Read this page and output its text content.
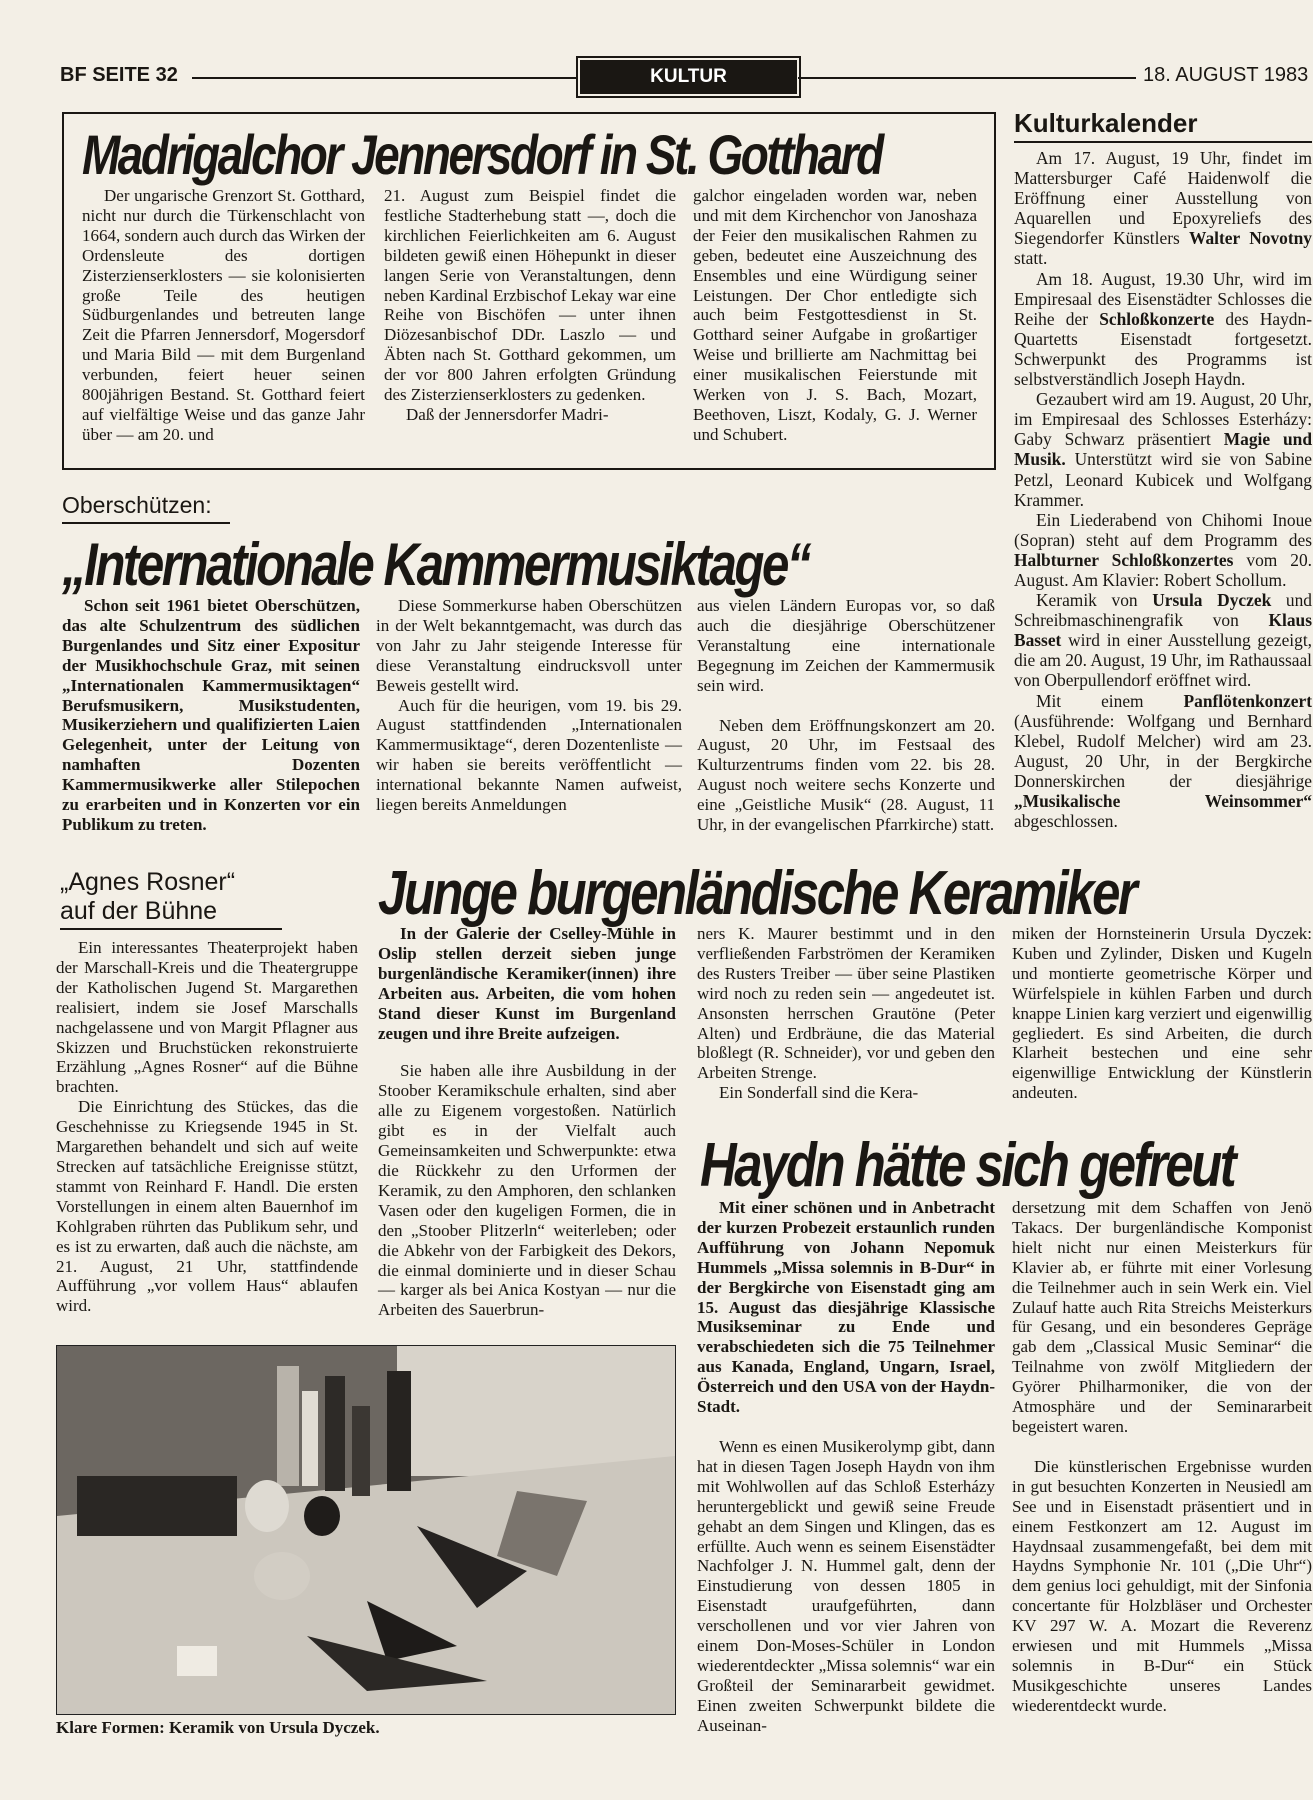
BF SEITE 32	KULTUR	18. AUGUST 1983
Madrigalchor Jennersdorf in St. Gotthard

Der ungarische Grenzort St. Gotthard, nicht nur durch die Türkenschlacht von 1664, sondern auch durch das Wirken der Ordensleute des dortigen Zisterzienserklosters — sie kolonisierten große Teile des heutigen Südburgenlandes und betreuten lange Zeit die Pfarren Jennersdorf, Mogersdorf und Maria Bild — mit dem Burgenland verbunden, feiert heuer seinen 800jährigen Bestand. St. Gotthard feiert auf vielfältige Weise und das ganze Jahr über — am 20. und

21. August zum Beispiel findet die festliche Stadterhebung statt —, doch die kirchlichen Feierlichkeiten am 6. August bildeten gewiß einen Höhepunkt in dieser langen Serie von Veranstaltungen, denn neben Kardinal Erzbischof Lekay war eine Reihe von Bischöfen — unter ihnen Diözesanbischof DDr. Laszlo — und Äbten nach St. Gotthard gekommen, um der vor 800 Jahren erfolgten Gründung des Zisterzienserklosters zu gedenken.

Daß der Jennersdorfer Madri-

galchor eingeladen worden war, neben und mit dem Kirchenchor von Janoshaza der Feier den musikalischen Rahmen zu geben, bedeutet eine Auszeichnung des Ensembles und eine Würdigung seiner Leistungen. Der Chor entledigte sich auch beim Festgottesdienst in St. Gotthard seiner Aufgabe in großartiger Weise und brillierte am Nachmittag bei einer musikalischen Feierstunde mit Werken von J. S. Bach, Mozart, Beethoven, Liszt, Kodaly, G. J. Werner und Schubert.

Kulturkalender

Am 17. August, 19 Uhr, findet im Mattersburger Café Haidenwolf die Eröffnung einer Ausstellung von Aquarellen und Epoxyreliefs des Siegendorfer Künstlers Walter Novotny statt.

Am 18. August, 19.30 Uhr, wird im Empiresaal des Eisenstädter Schlosses die Reihe der Schloßkonzerte des Haydn-Quartetts Eisenstadt fortgesetzt. Schwerpunkt des Programms ist selbstverständlich Joseph Haydn.

Gezaubert wird am 19. August, 20 Uhr, im Empiresaal des Schlosses Esterházy: Gaby Schwarz präsentiert Magie und Musik. Unterstützt wird sie von Sabine Petzl, Leonard Kubicek und Wolfgang Krammer.

Ein Liederabend von Chihomi Inoue (Sopran) steht auf dem Programm des Halbturner Schloßkonzertes vom 20. August. Am Klavier: Robert Schollum.

Keramik von Ursula Dyczek und Schreibmaschinengrafik von Klaus Basset wird in einer Ausstellung gezeigt, die am 20. August, 19 Uhr, im Rathaussaal von Oberpullendorf eröffnet wird.

Mit einem Panflötenkonzert (Ausführende: Wolfgang und Bernhard Klebel, Rudolf Melcher) wird am 23. August, 20 Uhr, in der Bergkirche Donnerskirchen der diesjährige „Musikalische Weinsommer“ abgeschlossen.

Oberschützen:
„Internationale Kammermusiktage“

Schon seit 1961 bietet Oberschützen, das alte Schulzentrum des südlichen Burgenlandes und Sitz einer Expositur der Musikhochschule Graz, mit seinen „Internationalen Kammermusiktagen“ Berufsmusikern, Musikstudenten, Musikerziehern und qualifizierten Laien Gelegenheit, unter der Leitung von namhaften Dozenten Kammermusikwerke aller Stilepochen zu erarbeiten und in Konzerten vor ein Publikum zu treten.

Diese Sommerkurse haben Oberschützen in der Welt bekanntgemacht, was durch das von Jahr zu Jahr steigende Interesse für diese Veranstaltung eindrucksvoll unter Beweis gestellt wird.

Auch für die heurigen, vom 19. bis 29. August stattfindenden „Internationalen Kammermusiktage“, deren Dozentenliste — wir haben sie bereits veröffentlicht — international bekannte Namen aufweist, liegen bereits Anmeldungen

aus vielen Ländern Europas vor, so daß auch die diesjährige Oberschützener Veranstaltung eine internationale Begegnung im Zeichen der Kammermusik sein wird.

Neben dem Eröffnungskonzert am 20. August, 20 Uhr, im Festsaal des Kulturzentrums finden vom 22. bis 28. August noch weitere sechs Konzerte und eine „Geistliche Musik“ (28. August, 11 Uhr, in der evangelischen Pfarrkirche) statt.

„Agnes Rosner“
auf der Bühne

Ein interessantes Theaterprojekt haben der Marschall-Kreis und die Theatergruppe der Katholischen Jugend St. Margarethen realisiert, indem sie Josef Marschalls nachgelassene und von Margit Pflagner aus Skizzen und Bruchstücken rekonstruierte Erzählung „Agnes Rosner“ auf die Bühne brachten.

Die Einrichtung des Stückes, das die Geschehnisse zu Kriegsende 1945 in St. Margarethen behandelt und sich auf weite Strecken auf tatsächliche Ereignisse stützt, stammt von Reinhard F. Handl. Die ersten Vorstellungen in einem alten Bauernhof im Kohlgraben rührten das Publikum sehr, und es ist zu erwarten, daß auch die nächste, am 21. August, 21 Uhr, stattfindende Aufführung „vor vollem Haus“ ablaufen wird.

Junge burgenländische Keramiker

In der Galerie der Cselley-Mühle in Oslip stellen derzeit sieben junge burgenländische Keramiker(innen) ihre Arbeiten aus. Arbeiten, die vom hohen Stand dieser Kunst im Burgenland zeugen und ihre Breite aufzeigen.

Sie haben alle ihre Ausbildung in der Stoober Keramikschule erhalten, sind aber alle zu Eigenem vorgestoßen. Natürlich gibt es in der Vielfalt auch Gemeinsamkeiten und Schwerpunkte: etwa die Rückkehr zu den Urformen der Keramik, zu den Amphoren, den schlanken Vasen oder den kugeligen Formen, die in den „Stoober Plitzerln“ weiterleben; oder die Abkehr von der Farbigkeit des Dekors, die einmal dominierte und in dieser Schau — karger als bei Anica Kostyan — nur die Arbeiten des Sauerbrun-

ners K. Maurer bestimmt und in den verfließenden Farbströmen der Keramiken des Rusters Treiber — über seine Plastiken wird noch zu reden sein — angedeutet ist. Ansonsten herrschen Grautöne (Peter Alten) und Erdbräune, die das Material bloßlegt (R. Schneider), vor und geben den Arbeiten Strenge.

Ein Sonderfall sind die Kera-

miken der Hornsteinerin Ursula Dyczek: Kuben und Zylinder, Disken und Kugeln und montierte geometrische Körper und Würfelspiele in kühlen Farben und durch knappe Linien karg verziert und eigenwillig gegliedert. Es sind Arbeiten, die durch Klarheit bestechen und eine sehr eigenwillige Entwicklung der Künstlerin andeuten.

Klare Formen: Keramik von Ursula Dyczek.
Haydn hätte sich gefreut

Mit einer schönen und in Anbetracht der kurzen Probezeit erstaunlich runden Aufführung von Johann Nepomuk Hummels „Missa solemnis in B-Dur“ in der Bergkirche von Eisenstadt ging am 15. August das diesjährige Klassische Musikseminar zu Ende und verabschiedeten sich die 75 Teilnehmer aus Kanada, England, Ungarn, Israel, Österreich und den USA von der Haydn-Stadt.

Wenn es einen Musikerolymp gibt, dann hat in diesen Tagen Joseph Haydn von ihm mit Wohlwollen auf das Schloß Esterházy heruntergeblickt und gewiß seine Freude gehabt an dem Singen und Klingen, das es erfüllte. Auch wenn es seinem Eisenstädter Nachfolger J. N. Hummel galt, denn der Einstudierung von dessen 1805 in Eisenstadt uraufgeführten, dann verschollenen und vor vier Jahren von einem Don-Moses-Schüler in London wiederentdeckter „Missa solemnis“ war ein Großteil der Seminararbeit gewidmet. Einen zweiten Schwerpunkt bildete die Auseinan-

dersetzung mit dem Schaffen von Jenö Takacs. Der burgenländische Komponist hielt nicht nur einen Meisterkurs für Klavier ab, er führte mit einer Vorlesung die Teilnehmer auch in sein Werk ein. Viel Zulauf hatte auch Rita Streichs Meisterkurs für Gesang, und ein besonderes Gepräge gab dem „Classical Music Seminar“ die Teilnahme von zwölf Mitgliedern der Györer Philharmoniker, die von der Atmosphäre und der Seminararbeit begeistert waren.

Die künstlerischen Ergebnisse wurden in gut besuchten Konzerten in Neusiedl am See und in Eisenstadt präsentiert und in einem Festkonzert am 12. August im Haydnsaal zusammengefaßt, bei dem mit Haydns Symphonie Nr. 101 („Die Uhr“) dem genius loci gehuldigt, mit der Sinfonia concertante für Holzbläser und Orchester KV 297 W. A. Mozart die Reverenz erwiesen und mit Hummels „Missa solemnis in B-Dur“ ein Stück Musikgeschichte unseres Landes wiederentdeckt wurde.
